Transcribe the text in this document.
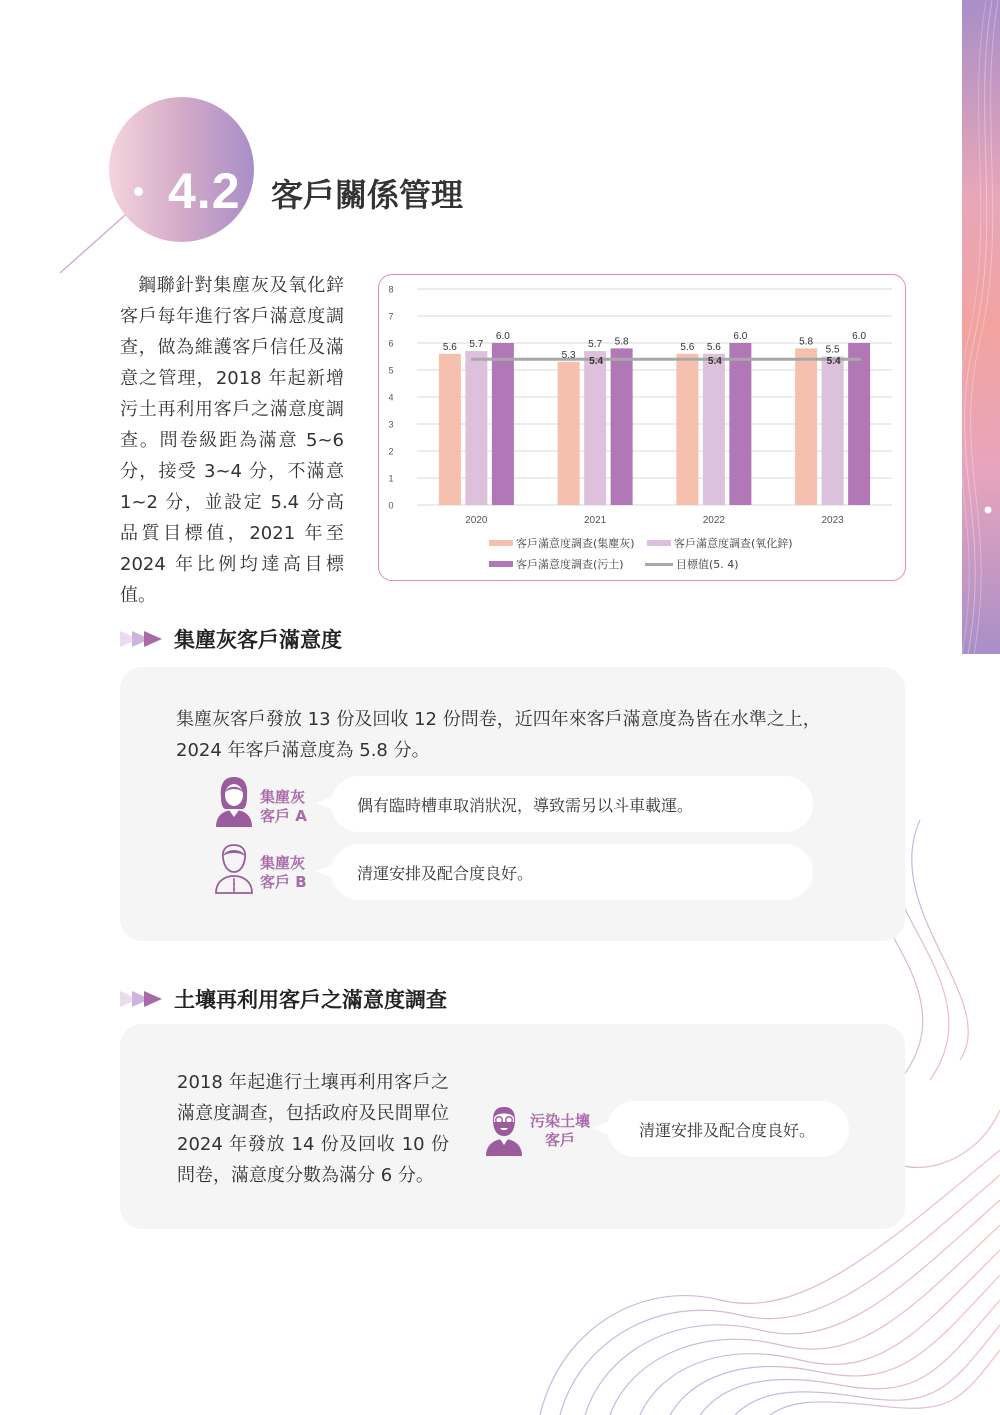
4.2 客戶關係管理
鋼聯針對集塵灰及氧化鋅客戶每年進行客戶滿意度調查，做為維護客戶信任及滿意之管理，2018 年起新增污土再利用客戶之滿意度調查。問卷級距為滿意 5~6 分，接受 3~4 分，不滿意 1~2 分，並設定 5.4 分高品質目標值，2021 年至 2024 年比例均達高目標值。
0
1
2
3
4
5
6
7
8
5.6 5.7
6.0
2020
5.3
5.7 5.8
2021
5.6 5.6
6.0
2022
5.8
5.5
6.0
2023
5.4	5.4	5.4
客戶滿意度調查(集塵灰)	客戶滿意度調查(氧化鋅)
客戶滿意度調查(污土)	目標值(5. 4)
集塵灰客戶滿意度
集塵灰客戶發放 13 份及回收 12 份問卷，近四年來客戶滿意度為皆在水準之上，2024 年客戶滿意度為 5.8 分。
集塵灰
客戶 A
偶有臨時槽車取消狀況，導致需另以斗車載運。
集塵灰
客戶 B	清運安排及配合度良好。
土壤再利用客戶之滿意度調查
2018 年起進行土壤再利用客戶之滿意度調查，包括政府及民間單位 2024 年發放 14 份及回收 10 份問卷，滿意度分數為滿分 6 分。
污染土壤
客戶
清運安排及配合度良好。
